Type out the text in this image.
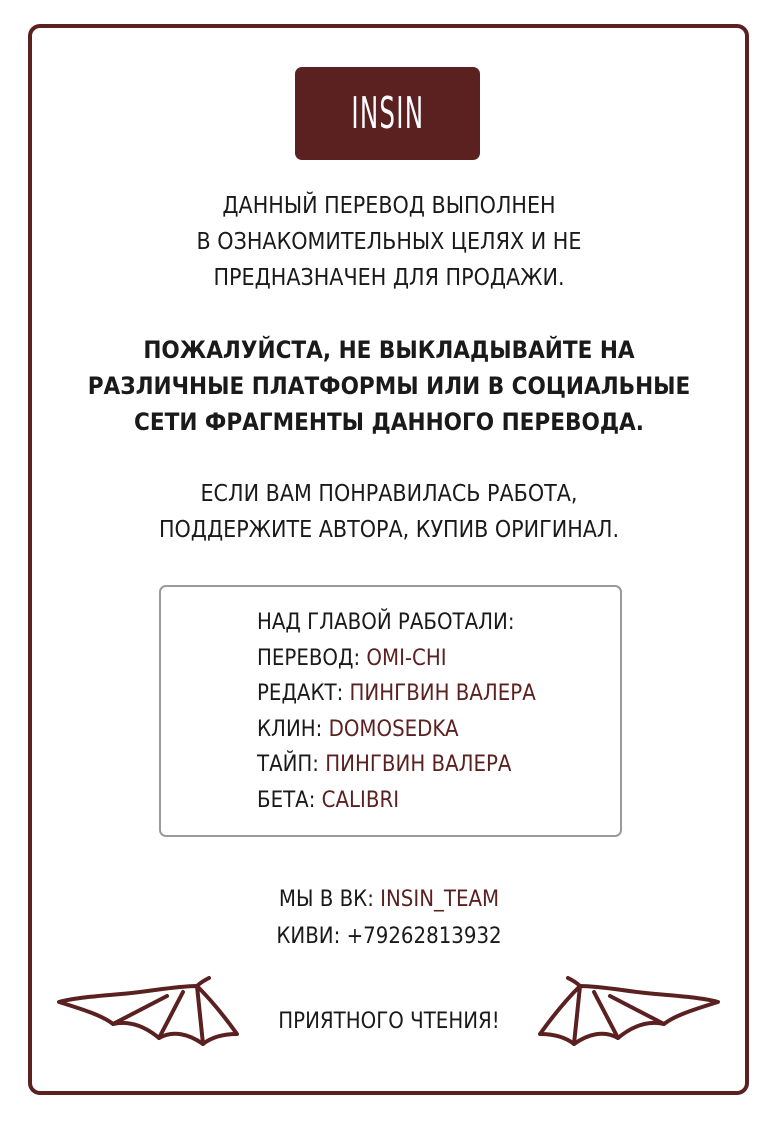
INSIN
ДАННЫЙ ПЕРЕВОД ВЫПОЛНЕН
В ОЗНАКОМИТЕЛЬНЫХ ЦЕЛЯХ И НЕ
ПРЕДНАЗНАЧЕН ДЛЯ ПРОДАЖИ.
ПОЖАЛУЙСТА, НЕ ВЫКЛАДЫВАЙТЕ НА
РАЗЛИЧНЫЕ ПЛАТФОРМЫ ИЛИ В СОЦИАЛЬНЫЕ
СЕТИ ФРАГМЕНТЫ ДАННОГО ПЕРЕВОДА.
ЕСЛИ ВАМ ПОНРАВИЛАСЬ РАБОТА,
ПОДДЕРЖИТЕ АВТОРА, КУПИВ ОРИГИНАЛ.
НАД ГЛАВОЙ РАБОТАЛИ:
ПЕРЕВОД: OMI-CHI
РЕДАКТ: ПИНГВИН ВАЛЕРА
КЛИН: DOMOSEDKA
ТАЙП: ПИНГВИН ВАЛЕРА
БЕТА: CALIBRI
МЫ В ВК: INSIN_TEAM
КИВИ: +79262813932
ПРИЯТНОГО ЧТЕНИЯ!
